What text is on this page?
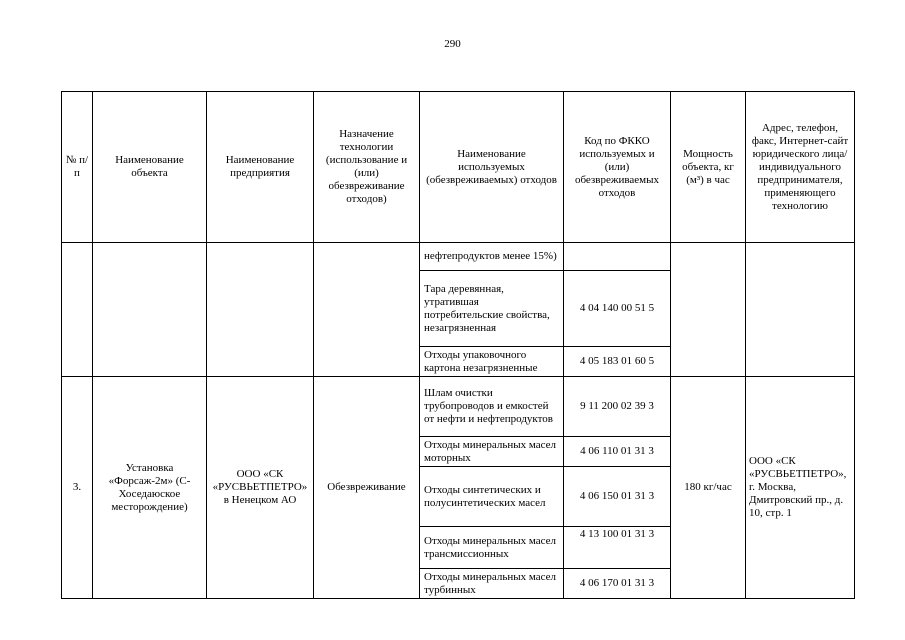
290
№ п/п	Наименование объекта	Наименование предприятия	Назначение технологии (использование и (или) обезвреживание отходов)	Наименование используемых (обезвреживаемых) отходов	Код по ФККО используемых и (или) обезвреживаемых отходов	Мощность объекта, кг (м³) в час	Адрес, телефон, факс, Интернет-сайт юридического лица/индивидуального предпринимателя, применяющего технологию
				нефтепродуктов менее 15%)			
				Тара деревянная, утратившая потребительские свойства, незагрязненная	4 04 140 00 51 5		
				Отходы упаковочного картона незагрязненные	4 05 183 01 60 5		
3.	Установка «Форсаж-2м» (С-Хоседаюское месторождение)	ООО «СК «РУСВЬЕТПЕТРО» в Ненецком АО	Обезвреживание	Шлам очистки трубопроводов и емкостей от нефти и нефтепродуктов	9 11 200 02 39 3	180 кг/час	ООО «СК «РУСВЬЕТПЕТРО», г. Москва, Дмитровский пр., д. 10, стр. 1
				Отходы минеральных масел моторных	4 06 110 01 31 3		
				Отходы синтетических и полусинтетических масел	4 06 150 01 31 3		
				Отходы минеральных масел трансмиссионных	4 13 100 01 31 3		
				Отходы минеральных масел турбинных	4 06 170 01 31 3		
